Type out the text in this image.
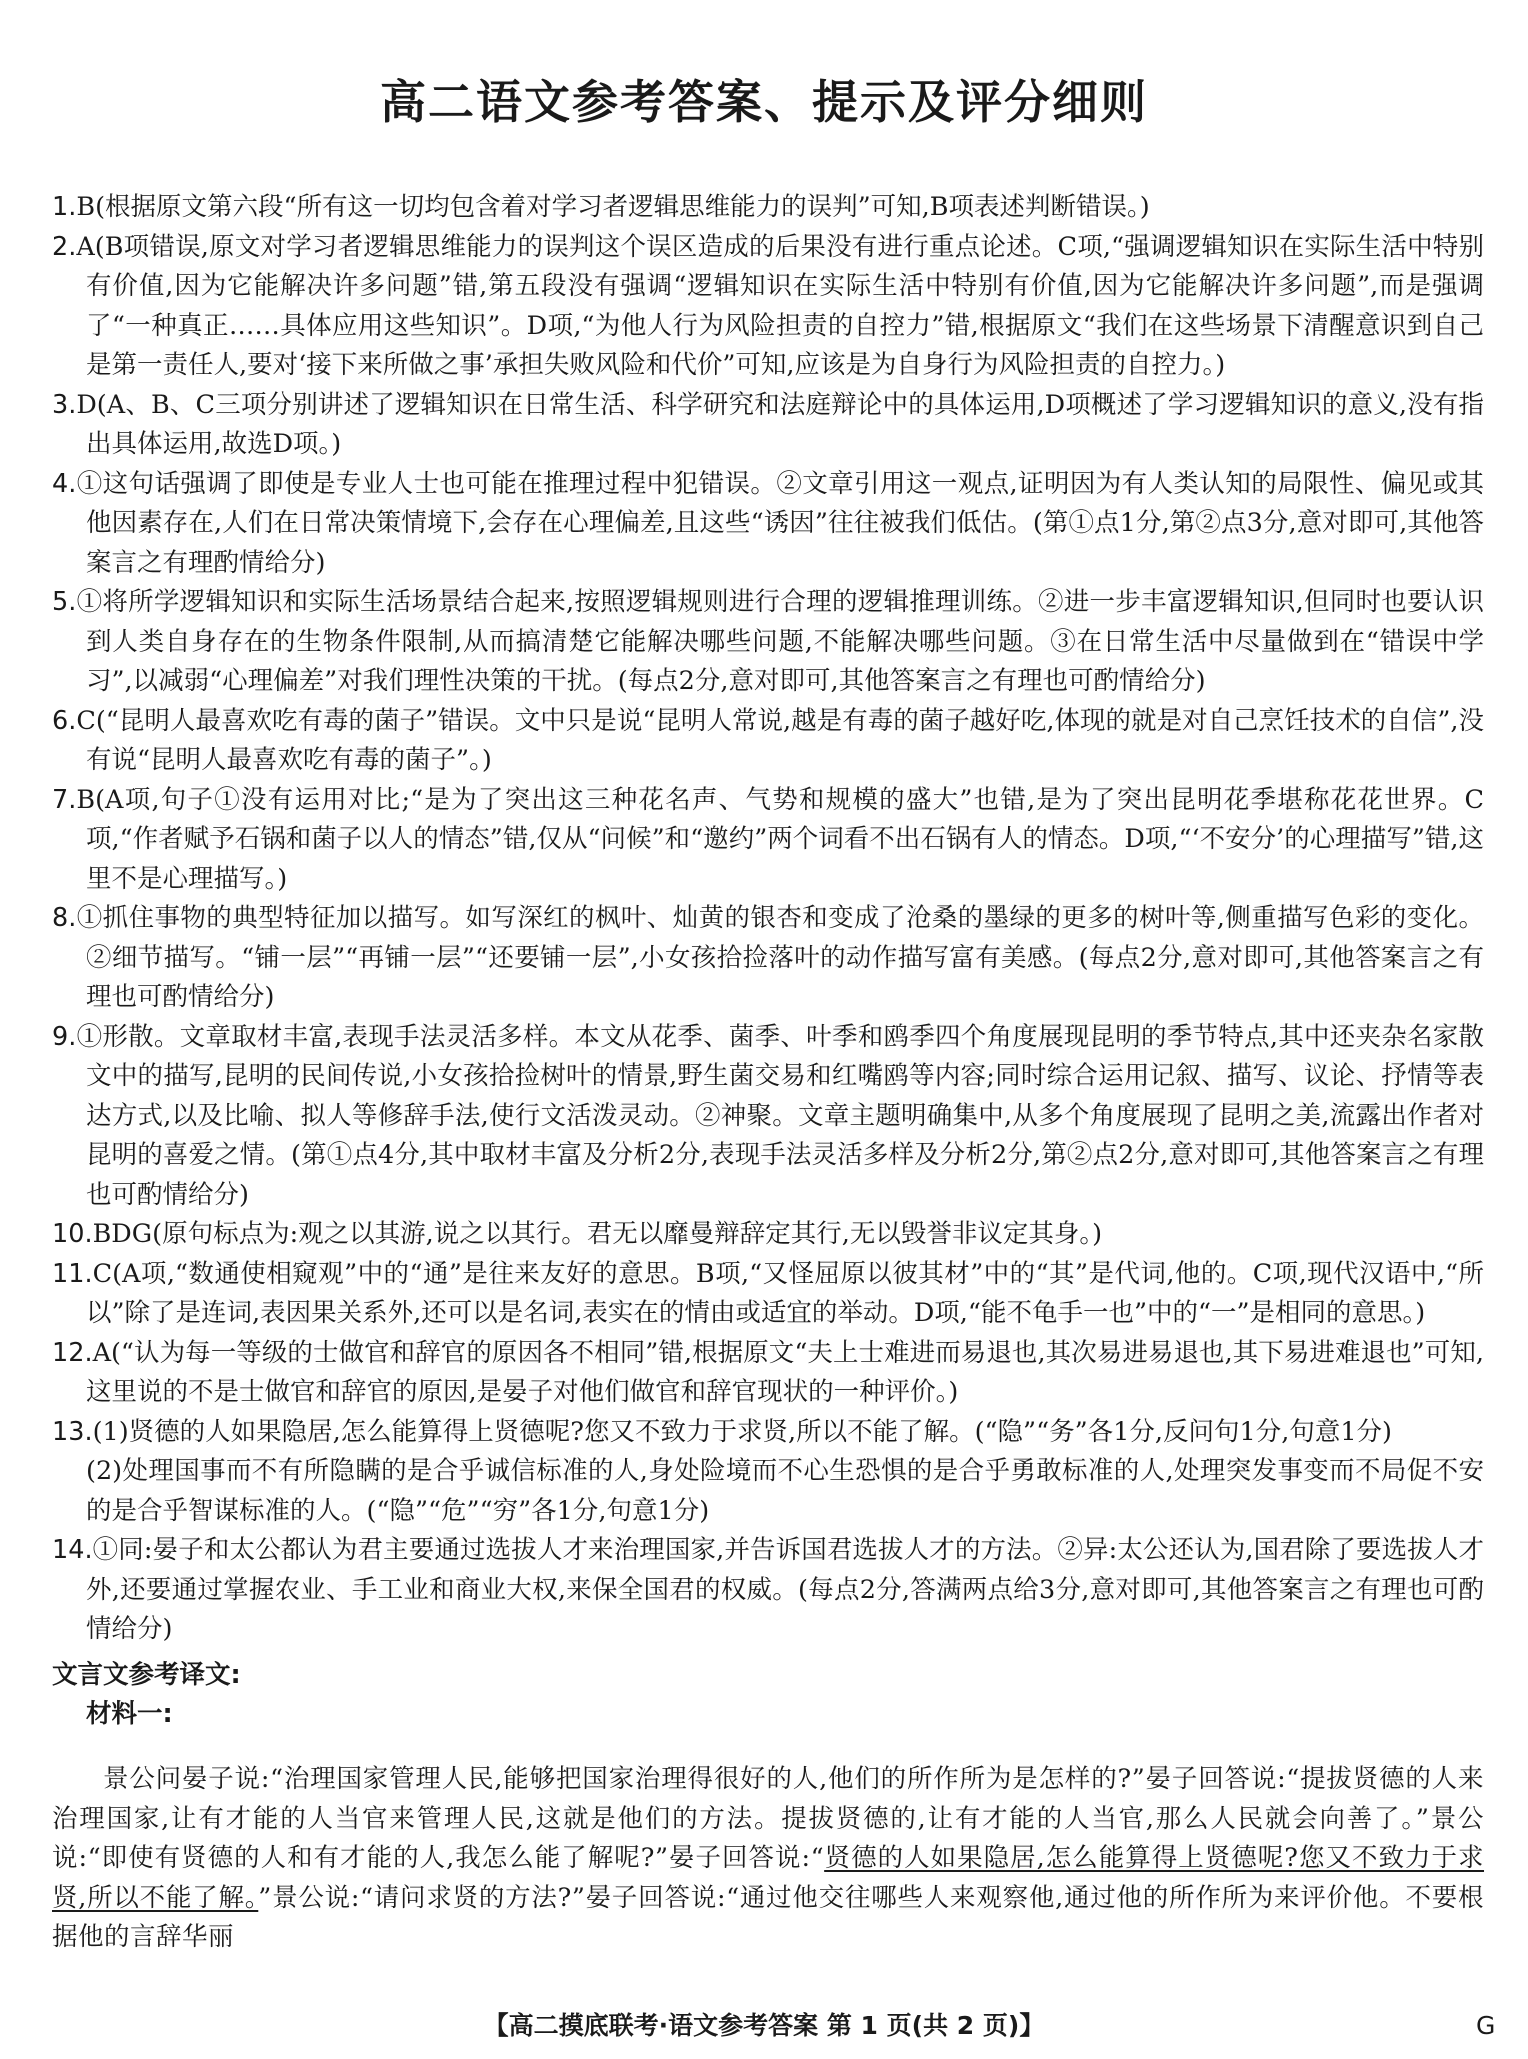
高二语文参考答案、提示及评分细则

1.B(根据原文第六段“所有这一切均包含着对学习者逻辑思维能力的误判”可知,B项表述判断错误。)

2.A(B项错误,原文对学习者逻辑思维能力的误判这个误区造成的后果没有进行重点论述。C项,“强调逻辑知识在实际生活中特别有价值,因为它能解决许多问题”错,第五段没有强调“逻辑知识在实际生活中特别有价值,因为它能解决许多问题”,而是强调了“一种真正……具体应用这些知识”。D项,“为他人行为风险担责的自控力”错,根据原文“我们在这些场景下清醒意识到自己是第一责任人,要对‘接下来所做之事’承担失败风险和代价”可知,应该是为自身行为风险担责的自控力。)

3.D(A、B、C三项分别讲述了逻辑知识在日常生活、科学研究和法庭辩论中的具体运用,D项概述了学习逻辑知识的意义,没有指出具体运用,故选D项。)

4.①这句话强调了即使是专业人士也可能在推理过程中犯错误。②文章引用这一观点,证明因为有人类认知的局限性、偏见或其他因素存在,人们在日常决策情境下,会存在心理偏差,且这些“诱因”往往被我们低估。(第①点1分,第②点3分,意对即可,其他答案言之有理酌情给分)

5.①将所学逻辑知识和实际生活场景结合起来,按照逻辑规则进行合理的逻辑推理训练。②进一步丰富逻辑知识,但同时也要认识到人类自身存在的生物条件限制,从而搞清楚它能解决哪些问题,不能解决哪些问题。③在日常生活中尽量做到在“错误中学习”,以减弱“心理偏差”对我们理性决策的干扰。(每点2分,意对即可,其他答案言之有理也可酌情给分)

6.C(“昆明人最喜欢吃有毒的菌子”错误。文中只是说“昆明人常说,越是有毒的菌子越好吃,体现的就是对自己烹饪技术的自信”,没有说“昆明人最喜欢吃有毒的菌子”。)

7.B(A项,句子①没有运用对比;“是为了突出这三种花名声、气势和规模的盛大”也错,是为了突出昆明花季堪称花花世界。C项,“作者赋予石锅和菌子以人的情态”错,仅从“问候”和“邀约”两个词看不出石锅有人的情态。D项,“‘不安分’的心理描写”错,这里不是心理描写。)

8.①抓住事物的典型特征加以描写。如写深红的枫叶、灿黄的银杏和变成了沧桑的墨绿的更多的树叶等,侧重描写色彩的变化。②细节描写。“铺一层”“再铺一层”“还要铺一层”,小女孩拾捡落叶的动作描写富有美感。(每点2分,意对即可,其他答案言之有理也可酌情给分)

9.①形散。文章取材丰富,表现手法灵活多样。本文从花季、菌季、叶季和鸥季四个角度展现昆明的季节特点,其中还夹杂名家散文中的描写,昆明的民间传说,小女孩拾捡树叶的情景,野生菌交易和红嘴鸥等内容;同时综合运用记叙、描写、议论、抒情等表达方式,以及比喻、拟人等修辞手法,使行文活泼灵动。②神聚。文章主题明确集中,从多个角度展现了昆明之美,流露出作者对昆明的喜爱之情。(第①点4分,其中取材丰富及分析2分,表现手法灵活多样及分析2分,第②点2分,意对即可,其他答案言之有理也可酌情给分)

10.BDG(原句标点为:观之以其游,说之以其行。君无以靡曼辩辞定其行,无以毁誉非议定其身。)

11.C(A项,“数通使相窥观”中的“通”是往来友好的意思。B项,“又怪屈原以彼其材”中的“其”是代词,他的。C项,现代汉语中,“所以”除了是连词,表因果关系外,还可以是名词,表实在的情由或适宜的举动。D项,“能不龟手一也”中的“一”是相同的意思。)

12.A(“认为每一等级的士做官和辞官的原因各不相同”错,根据原文“夫上士难进而易退也,其次易进易退也,其下易进难退也”可知,这里说的不是士做官和辞官的原因,是晏子对他们做官和辞官现状的一种评价。)

13.(1)贤德的人如果隐居,怎么能算得上贤德呢?您又不致力于求贤,所以不能了解。(“隐”“务”各1分,反问句1分,句意1分)
(2)处理国事而不有所隐瞒的是合乎诚信标准的人,身处险境而不心生恐惧的是合乎勇敢标准的人,处理突发事变而不局促不安的是合乎智谋标准的人。(“隐”“危”“穷”各1分,句意1分)

14.①同:晏子和太公都认为君主要通过选拔人才来治理国家,并告诉国君选拔人才的方法。②异:太公还认为,国君除了要选拔人才外,还要通过掌握农业、手工业和商业大权,来保全国君的权威。(每点2分,答满两点给3分,意对即可,其他答案言之有理也可酌情给分)

文言文参考译文:
材料一:

景公问晏子说:“治理国家管理人民,能够把国家治理得很好的人,他们的所作所为是怎样的?”晏子回答说:“提拔贤德的人来治理国家,让有才能的人当官来管理人民,这就是他们的方法。提拔贤德的,让有才能的人当官,那么人民就会向善了。”景公说:“即使有贤德的人和有才能的人,我怎么能了解呢?”晏子回答说:“贤德的人如果隐居,怎么能算得上贤德呢?您又不致力于求贤,所以不能了解。”景公说:“请问求贤的方法?”晏子回答说:“通过他交往哪些人来观察他,通过他的所作所为来评价他。不要根据他的言辞华丽

【高二摸底联考·语文参考答案 第 1 页(共 2 页)】	G
